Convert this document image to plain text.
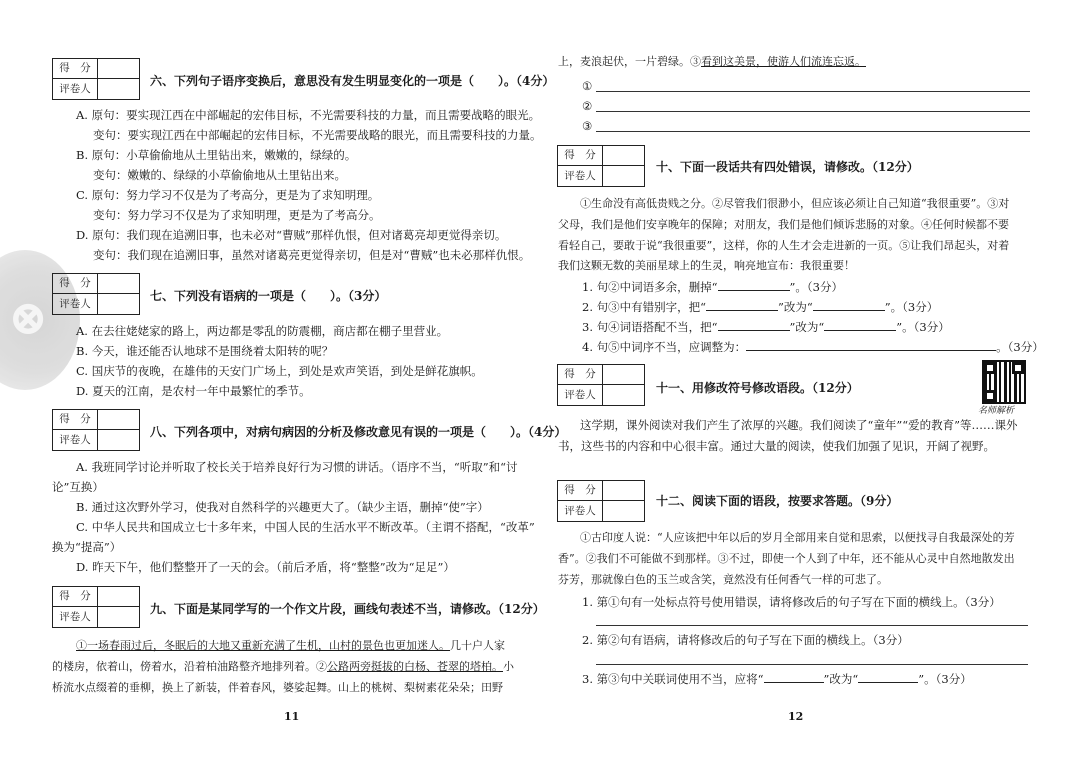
⊗
得　分
评卷人
六、下列句子语序变换后，意思没有发生明显变化的一项是（　　）。（4分）
A. 原句：要实现江西在中部崛起的宏伟目标，不光需要科技的力量，而且需要战略的眼光。
变句：要实现江西在中部崛起的宏伟目标，不光需要战略的眼光，而且需要科技的力量。
B. 原句：小草偷偷地从土里钻出来，嫩嫩的，绿绿的。
变句：嫩嫩的、绿绿的小草偷偷地从土里钻出来。
C. 原句：努力学习不仅是为了考高分，更是为了求知明理。
变句：努力学习不仅是为了求知明理，更是为了考高分。
D. 原句：我们现在追溯旧事，也未必对“曹贼”那样仇恨，但对诸葛亮却更觉得亲切。
变句：我们现在追溯旧事，虽然对诸葛亮更觉得亲切，但是对“曹贼”也未必那样仇恨。
得　分
评卷人
七、下列没有语病的一项是（　　）。（3分）
A. 在去往姥姥家的路上，两边都是零乱的防震棚，商店都在棚子里营业。
B. 今天，谁还能否认地球不是围绕着太阳转的呢？
C. 国庆节的夜晚，在雄伟的天安门广场上，到处是欢声笑语，到处是鲜花旗帜。
D. 夏天的江南，是农村一年中最繁忙的季节。
得　分
评卷人
八、下列各项中，对病句病因的分析及修改意见有误的一项是（　　）。（4分）
A. 我班同学讨论并听取了校长关于培养良好行为习惯的讲话。（语序不当，“听取”和“讨
论”互换）
B. 通过这次野外学习，使我对自然科学的兴趣更大了。（缺少主语，删掉“使”字）
C. 中华人民共和国成立七十多年来，中国人民的生活水平不断改革。（主谓不搭配，“改革”
换为“提高”）
D. 昨天下午，他们整整开了一天的会。（前后矛盾，将“整整”改为“足足”）
得　分
评卷人
九、下面是某同学写的一个作文片段，画线句表述不当，请修改。（12分）
①一场春雨过后，冬眠后的大地又重新充满了生机，山村的景色也更加迷人。几十户人家
的楼房，依着山，傍着水，沿着柏油路整齐地排列着。②公路两旁挺拔的白杨、苍翠的塔柏。小
桥流水点缀着的垂柳，换上了新装，伴着春风，婆娑起舞。山上的桃树、梨树素花朵朵；田野
11
上，麦浪起伏，一片碧绿。③看到这美景，使游人们流连忘返。
①
②
③
得　分
评卷人
十、下面一段话共有四处错误，请修改。（12分）
①生命没有高低贵贱之分。②尽管我们很渺小，但应该必须让自己知道“我很重要”。③对
父母，我们是他们安享晚年的保障；对朋友，我们是他们倾诉悲肠的对象。④任何时候都不要
看轻自己，要敢于说“我很重要”，这样，你的人生才会走进新的一页。⑤让我们昂起头，对着
我们这颗无数的美丽星球上的生灵，响亮地宣布：我很重要！
1. 句②中词语多余，删掉“	”。（3分）
2. 句③中有错别字，把“	”改为“	”。（3分）
3. 句④词语搭配不当，把“	”改为“	”。（3分）
4. 句⑤中词序不当，应调整为：	。（3分）
得　分
评卷人	十一、用修改符号修改语段。（12分）
名师解析
这学期，课外阅读对我们产生了浓厚的兴趣。我们阅读了“童年”“爱的教育”等……课外
书，这些书的内容和中心很丰富。通过大量的阅读，使我们加强了见识，开阔了视野。
得　分
评卷人
十二、阅读下面的语段，按要求答题。（9分）
①古印度人说：“人应该把中年以后的岁月全部用来自觉和思索，以便找寻自我最深处的芳
香”。②我们不可能做不到那样。③不过，即使一个人到了中年，还不能从心灵中自然地散发出
芬芳，那就像白色的玉兰或含笑，竟然没有任何香气一样的可悲了。
1. 第①句有一处标点符号使用错误，请将修改后的句子写在下面的横线上。（3分）
2. 第②句有语病，请将修改后的句子写在下面的横线上。（3分）
3. 第③句中关联词使用不当，应将“	”改为“	”。（3分）
12
